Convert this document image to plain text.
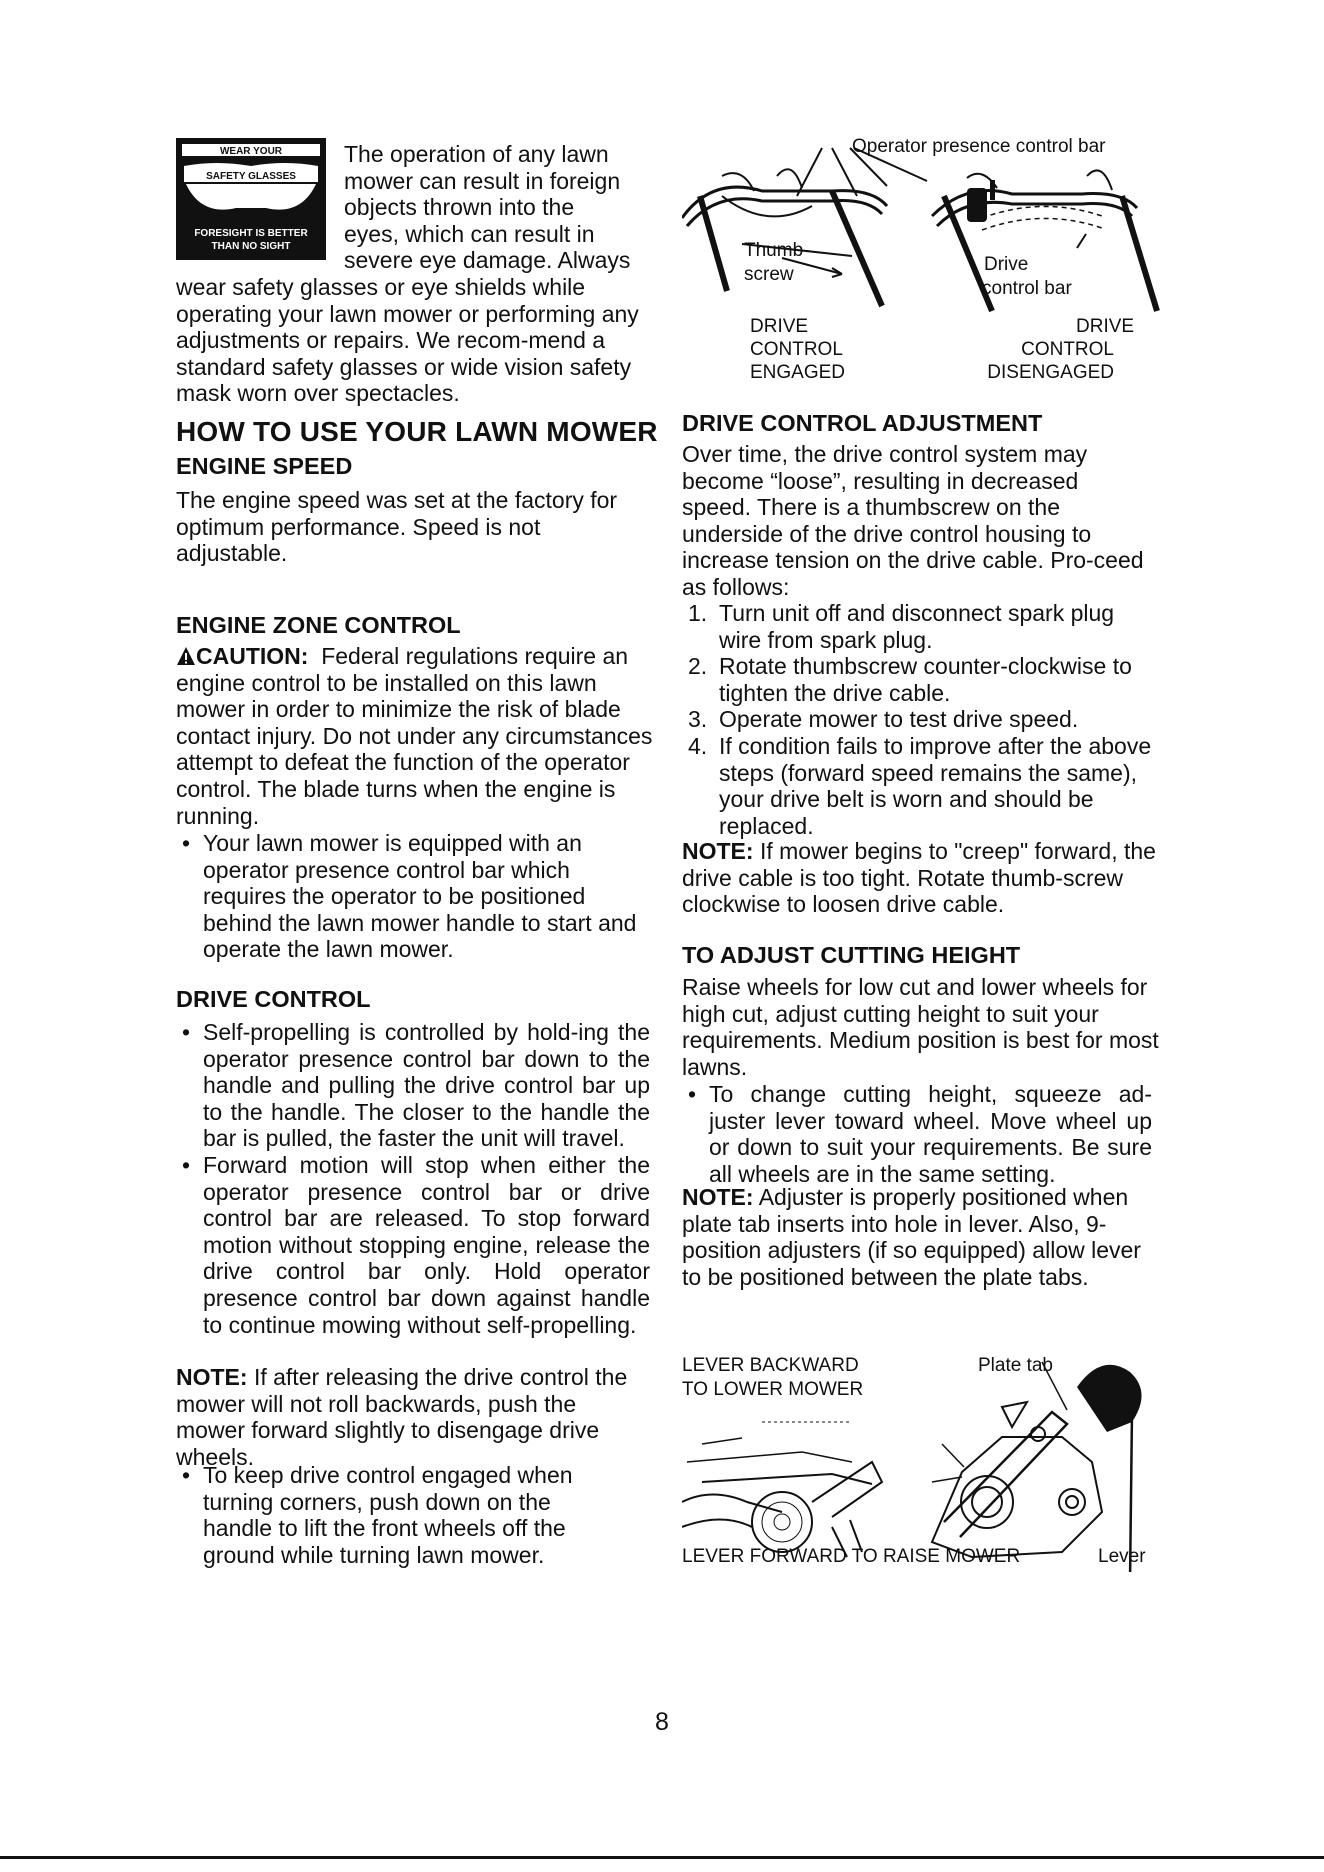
WEAR YOUR
SAFETY GLASSES
FORESIGHT IS BETTER
THAN NO SIGHT

The operation of any lawn

mower can result in foreign

objects thrown into the

eyes, which can result in

severe eye damage. Always

wear safety glasses or eye shields while operating your lawn mower or performing any adjustments or repairs. We recom-mend a standard safety glasses or wide vision safety mask worn over spectacles.

HOW TO USE YOUR LAWN MOWER
ENGINE SPEED

The engine speed was set at the factory for optimum performance. Speed is not adjustable.

ENGINE ZONE CONTROL

CAUTION: Federal regulations require an engine control to be installed on this lawn mower in order to minimize the risk of blade contact injury. Do not under any circumstances attempt to defeat the function of the operator control. The blade turns when the engine is running.

• Your lawn mower is equipped with an operator presence control bar which requires the operator to be positioned behind the lawn mower handle to start and operate the lawn mower.
DRIVE CONTROL
• Self-propelling is controlled by hold-ing the operator presence control bar down to the handle and pulling the drive control bar up to the handle. The closer to the handle the bar is pulled, the faster the unit will travel.
• Forward motion will stop when either the operator presence control bar or drive control bar are released. To stop forward motion without stopping engine, release the drive control bar only. Hold operator presence control bar down against handle to continue mowing without self-propelling.

NOTE: If after releasing the drive control the mower will not roll backwards, push the mower forward slightly to disengage drive wheels.

• To keep drive control engaged when turning corners, push down on the handle to lift the front wheels off the ground while turning lawn mower.
Operator presence control bar
Thumb-
screw	Drive
control bar
DRIVE
CONTROL
ENGAGED
DRIVE
CONTROL
DISENGAGED
DRIVE CONTROL ADJUSTMENT

Over time, the drive control system may become “loose”, resulting in decreased speed. There is a thumbscrew on the underside of the drive control housing to increase tension on the drive cable. Pro-ceed as follows:

1. Turn unit off and disconnect spark plug wire from spark plug.
2. Rotate thumbscrew counter-clockwise to tighten the drive cable.
3. Operate mower to test drive speed.
4. If condition fails to improve after the above steps (forward speed remains the same), your drive belt is worn and should be replaced.

NOTE: If mower begins to "creep" forward, the drive cable is too tight. Rotate thumb-screw clockwise to loosen drive cable.

TO ADJUST CUTTING HEIGHT

Raise wheels for low cut and lower wheels for high cut, adjust cutting height to suit your requirements. Medium position is best for most lawns.

• To change cutting height, squeeze ad-juster lever toward wheel. Move wheel up or down to suit your requirements. Be sure all wheels are in the same setting.

NOTE: Adjuster is properly positioned when plate tab inserts into hole in lever. Also, 9-position adjusters (if so equipped) allow lever to be positioned between the plate tabs.

LEVER BACKWARD
TO LOWER MOWER
Plate tab
LEVER FORWARD TO RAISE MOWER	Lever
8
